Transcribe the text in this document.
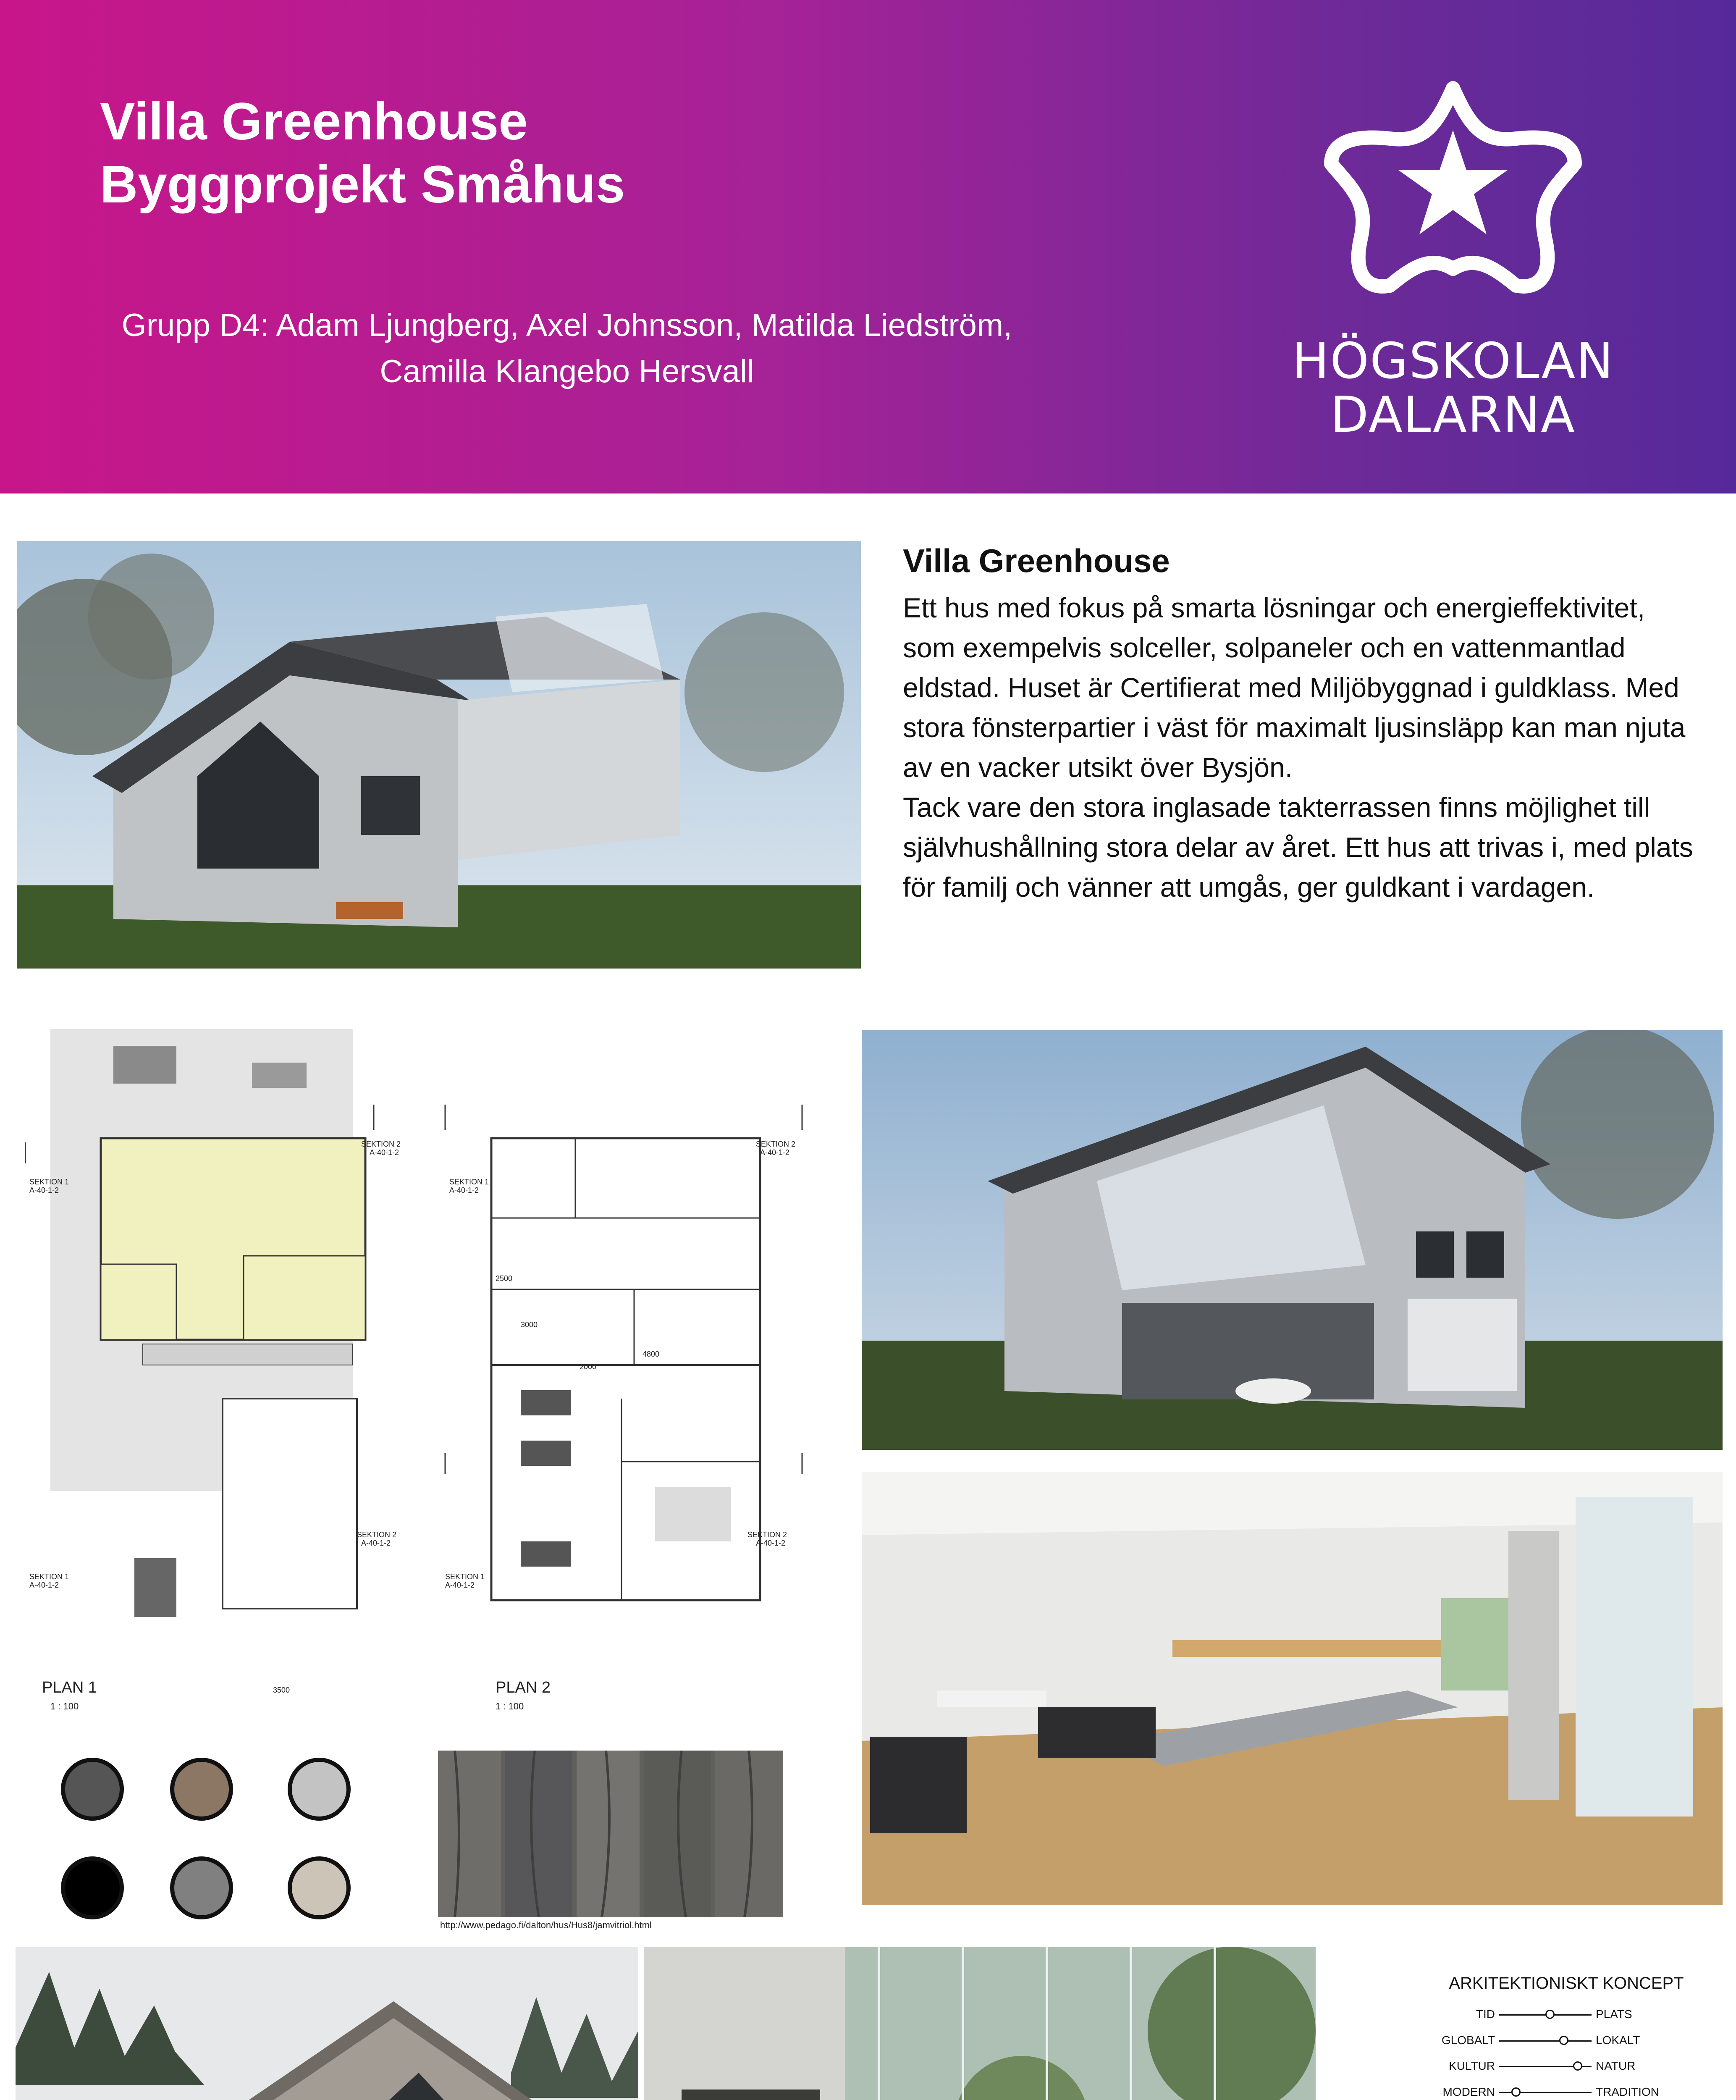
Villa Greenhouse
Byggprojekt Småhus
Grupp D4: Adam Ljungberg, Axel Johnsson, Matilda Liedström,
Camilla Klangebo Hersvall	HÖGSKOLAN
DALARNA
Villa Greenhouse

Ett hus med fokus på smarta lösningar och energieffektivitet, som exempelvis solceller, solpaneler och en vattenmantlad eldstad. Huset är Certifierat med Miljöbyggnad i guldklass. Med stora fönsterpartier i väst för maximalt ljusinsläpp kan man njuta av en vacker utsikt över Bysjön.

Tack vare den stora inglasade takterrassen finns möjlighet till självhushållning stora delar av året. Ett hus att trivas i, med plats för familj och vänner att umgås, ger guldkant i vardagen.

PLAN 1
1 : 100
PLAN 2
1 : 100
SEKTION 1
A-40-1-2
SEKTION 2
A-40-1-2
SEKTION 1
A-40-1-2
SEKTION 2
A-40-1-2
SEKTION 1
A-40-1-2
SEKTION 2
A-40-1-2
SEKTION 1
A-40-1-2
SEKTION 2
A-40-1-2
3500
3000
2000
2500
4800
http://www.pedago.fi/dalton/hus/Hus8/jamvitriol.html
ARKITEKTIONISKT KONCEPT
TID	PLATS
GLOBALT	LOKALT
KULTUR	NATUR
MODERN	TRADITION
